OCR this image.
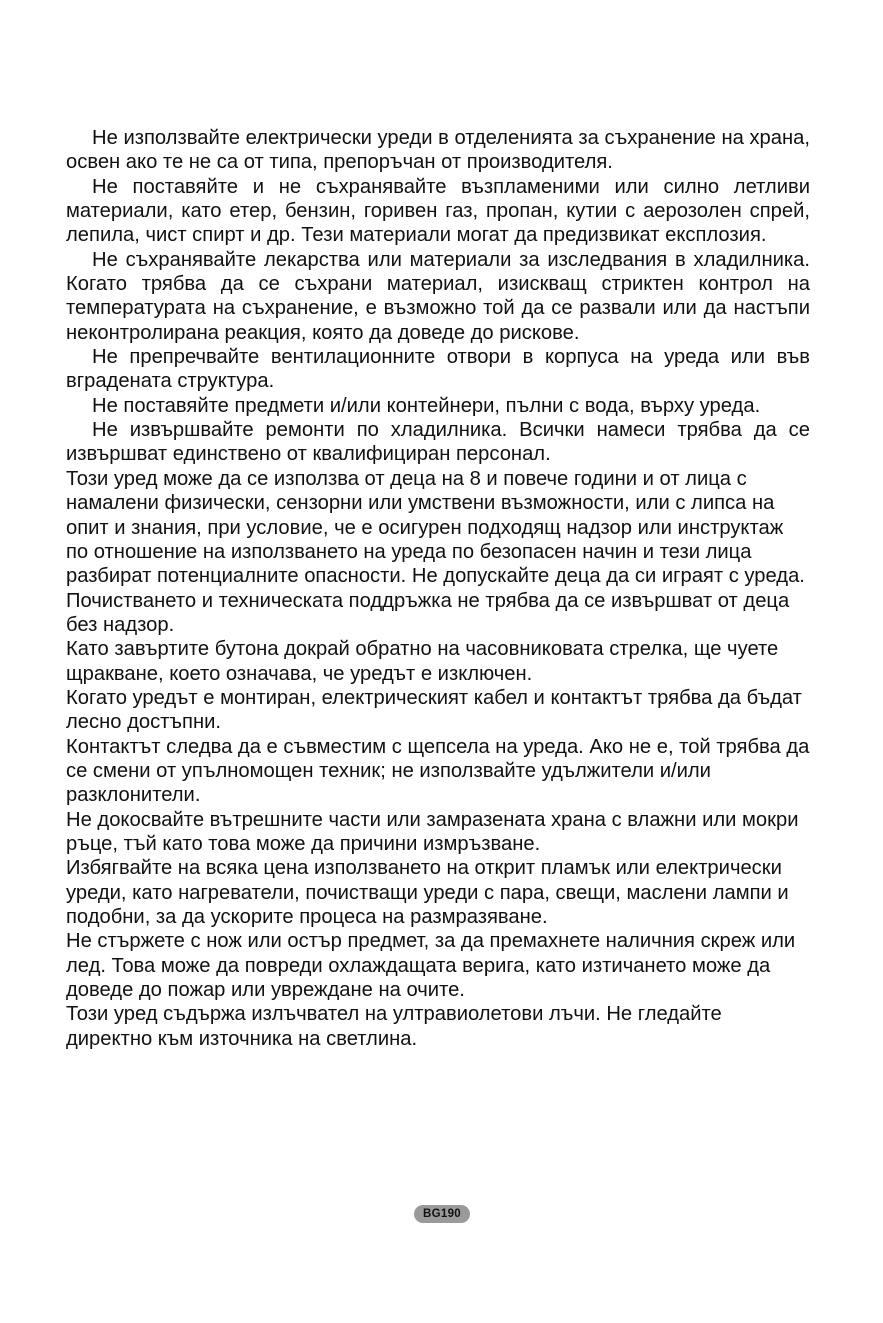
Не използвайте електрически уреди в отделенията за съхранение на храна, освен ако те не са от типа, препоръчан от производителя.

Не поставяйте и не съхранявайте възпламеними или силно летливи материали, като етер, бензин, горивен газ, пропан, кутии с аерозолен спрей, лепила, чист спирт и др. Тези материали могат да предизвикат експлозия.

Не съхранявайте лекарства или материали за изследвания в хладилника. Когато трябва да се съхрани материал, изискващ стриктен контрол на температурата на съхранение, е възможно той да се развали или да настъпи неконтролирана реакция, която да доведе до рискове.

Не препречвайте вентилационните отвори в корпуса на уреда или във вградената структура.

Не поставяйте предмети и/или контейнери, пълни с вода, върху уреда.

Не извършвайте ремонти по хладилника. Всички намеси трябва да се извършват единствено от квалифициран персонал.

Този уред може да се използва от деца на 8 и повече години и от лица с намалени физически, сензорни или умствени възможности, или с липса на опит и знания, при условие, че е осигурен подходящ надзор или инструктаж по отношение на използването на уреда по безопасен начин и тези лица разбират потенциалните опасности. Не допускайте деца да си играят с уреда. Почистването и техническата поддръжка не трябва да се извършват от деца без надзор.

Като завъртите бутона докрай обратно на часовниковата стрелка, ще чуете щракване, което означава, че уредът е изключен.

Когато уредът е монтиран, електрическият кабел и контактът трябва да бъдат лесно достъпни.

Контактът следва да е съвместим с щепсела на уреда. Ако не е, той трябва да се смени от упълномощен техник; не използвайте удължители и/или разклонители.

Не докосвайте вътрешните части или замразената храна с влажни или мокри ръце, тъй като това може да причини измръзване.

Избягвайте на всяка цена използването на открит пламък или електрически уреди, като нагреватели, почистващи уреди с пара, свещи, маслени лампи и подобни, за да ускорите процеса на размразяване.

Не стържете с нож или остър предмет, за да премахнете наличния скреж или лед. Това може да повреди охлаждащата верига, като изтичането може да доведе до пожар или увреждане на очите.

Този уред съдържа излъчвател на ултравиолетови лъчи. Не гледайте директно към източника на светлина.

BG190
